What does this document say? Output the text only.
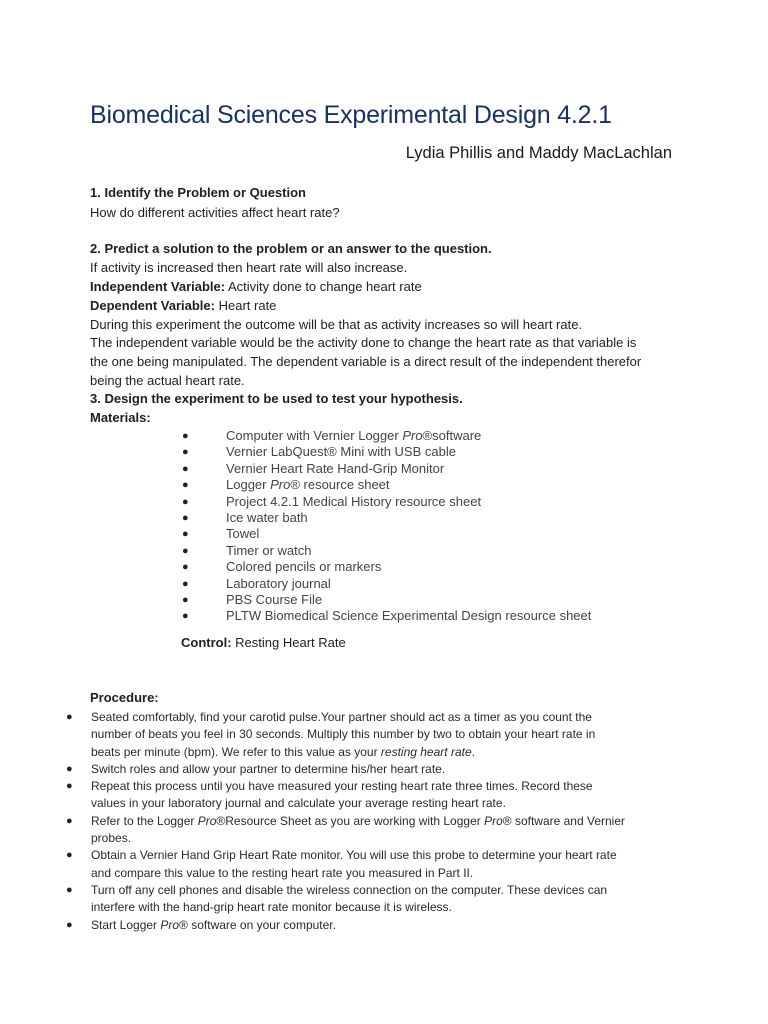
Biomedical Sciences Experimental Design 4.2.1
Lydia Phillis and Maddy MacLachlan
1. Identify the Problem or Question
How do different activities affect heart rate?
2. Predict a solution to the problem or an answer to the question.
If activity is increased then heart rate will also increase.
Independent Variable: Activity done to change heart rate
Dependent Variable: Heart rate
During this experiment the outcome will be that as activity increases so will heart rate.
The independent variable would be the activity done to change the heart rate as that variable is
the one being manipulated. The dependent variable is a direct result of the independent therefor
being the actual heart rate.
3. Design the experiment to be used to test your hypothesis.
Materials:
●	Computer with Vernier Logger Pro®software
●	Vernier LabQuest® Mini with USB cable
●	Vernier Heart Rate Hand-Grip Monitor
●	Logger Pro® resource sheet
●	Project 4.2.1 Medical History resource sheet
●	Ice water bath
●	Towel
●	Timer or watch
●	Colored pencils or markers
●	Laboratory journal
●	PBS Course File
●	PLTW Biomedical Science Experimental Design resource sheet
Control: Resting Heart Rate
Procedure:
● Seated comfortably, find your carotid pulse.Your partner should act as a timer as you count the
number of beats you feel in 30 seconds. Multiply this number by two to obtain your heart rate in
beats per minute (bpm). We refer to this value as your resting heart rate.
● Switch roles and allow your partner to determine his/her heart rate.
● Repeat this process until you have measured your resting heart rate three times. Record these
values in your laboratory journal and calculate your average resting heart rate.
● Refer to the Logger Pro®Resource Sheet as you are working with Logger Pro® software and Vernier
probes.
● Obtain a Vernier Hand Grip Heart Rate monitor. You will use this probe to determine your heart rate
and compare this value to the resting heart rate you measured in Part II.
● Turn off any cell phones and disable the wireless connection on the computer. These devices can
interfere with the hand-grip heart rate monitor because it is wireless.
● Start Logger Pro® software on your computer.
